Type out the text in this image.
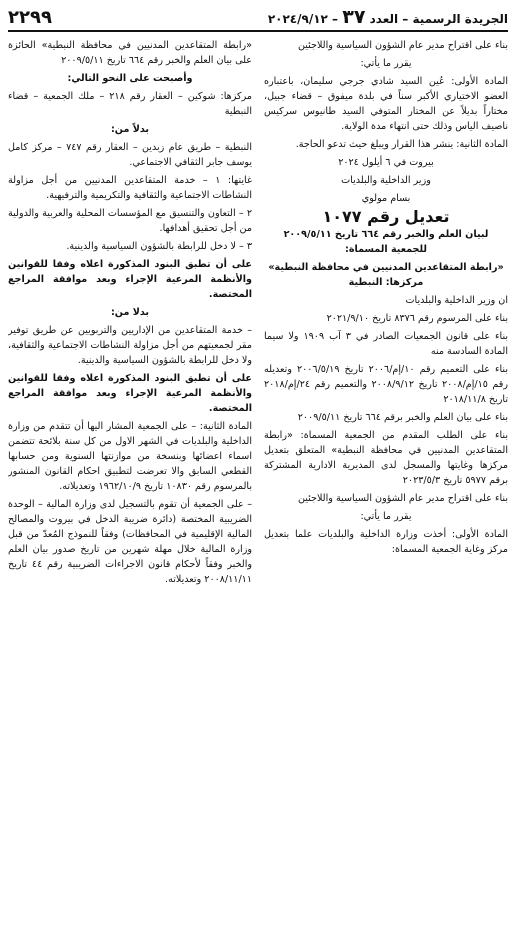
الجريدة الرسمية – العدد ٣٧ – ٢٠٢٤/٩/١٢
٢٢٩٩

بناء على اقتراح مدير عام الشؤون السياسية واللاجئين

يقرر ما يأتي:

المادة الأولى: عُين السيد شادي جرجي سليمان، باعتباره العضو الاختياري الأكبر سناً في بلدة ميفوق – قضاء جبيل، مختاراً بديلاً عن المختار المتوفي السيد طانيوس سركيس ناصيف الياس وذلك حتى انتهاء مدة الولاية.

المادة الثانية: ينشر هذا القرار ويبلغ حيث تدعو الحاجة.

بيروت في ٦ أيلول ٢٠٢٤

وزير الداخلية والبلديات

بسام مولوي

تعديل رقم ١٠٧٧

لبيان العلم والخبر رقم ٦٦٤ تاريخ ٢٠٠٩/٥/١١ للجمعية المسماة:

«رابطة المتقاعدين المدنيين في محافظة النبطية» مركزها: النبطية

ان وزير الداخلية والبلديات

بناء على المرسوم رقم ٨٣٧٦ تاريخ ٢٠٢١/٩/١٠

بناء على قانون الجمعيات الصادر في ٣ آب ١٩٠٩ ولا سيما المادة السادسة منه

بناء على التعميم رقم ١٠/إم/٢٠٠٦ تاريخ ٢٠٠٦/٥/١٩ وتعديله رقم ١٥/إم/٢٠٠٨ تاريخ ٢٠٠٨/٩/١٢ والتعميم رقم ٢٤/إم/٢٠١٨ تاريخ ٢٠١٨/١١/٨

بناء على بيان العلم والخبر برقم ٦٦٤ تاريخ ٢٠٠٩/٥/١١

بناء على الطلب المقدم من الجمعية المسماة: «رابطة المتقاعدين المدنيين في محافظة النبطية» المتعلق بتعديل مركزها وغايتها والمسجل لدى المديرية الادارية المشتركة برقم ٥٩٧٧ تاريخ ٢٠٢٣/٥/٣

بناء على اقتراح مدير عام الشؤون السياسية واللاجئين

يقرر ما يأتي:

المادة الأولى: أخذت وزارة الداخلية والبلديات علما بتعديل مركز وغاية الجمعية المسماة:

«رابطة المتقاعدين المدنيين في محافظة النبطية» الحائزة على بيان العلم والخبر رقم ٦٦٤ تاريخ ٢٠٠٩/٥/١١

وأصبحت على النحو التالي:

مركزها: شوكين – العقار رقم ٢١٨ – ملك الجمعية – قضاء النبطية

بدلاً من:

النبطية – طريق عام زبدين – العقار رقم ٧٤٧ – مركز كامل يوسف جابر الثقافي الاجتماعي.

غايتها: ١ – خدمة المتقاعدين المدنيين من أجل مزاولة النشاطات الاجتماعية والثقافية والتكريمية والترفيهية.

٢ – التعاون والتنسيق مع المؤسسات المحلية والعربية والدولية من أجل تحقيق أهدافها.

٣ – لا دخل للرابطة بالشؤون السياسية والدينية.

على أن تطبق البنود المذكورة اعلاه وفقا للقوانين والأنظمة المرعية الإجراء وبعد موافقة المراجع المختصة.

بدلا من:

– خدمة المتقاعدين من الإداريين والتربويين عن طريق توفير مقر لجمعيتهم من أجل مزاولة النشاطات الاجتماعية والثقافية، ولا دخل للرابطة بالشؤون السياسية والدينية.

على أن تطبق البنود المذكورة اعلاه وفقا للقوانين والأنظمة المرعية الإجراء وبعد موافقة المراجع المختصة.

المادة الثانية: – على الجمعية المشار اليها أن تتقدم من وزارة الداخلية والبلديات في الشهر الاول من كل سنة بلائحة تتضمن اسماء اعضائها وبنسخة من موازنتها السنوية ومن حسابها القطعي السابق والا تعرضت لتطبيق احكام القانون المنشور بالمرسوم رقم ١٠٨٣٠ تاريخ ١٩٦٢/١٠/٩ وتعديلاته.

– على الجمعية أن تقوم بالتسجيل لدى وزارة المالية – الوحدة الضريبية المختصة (دائرة ضريبة الدخل في بيروت والمصالح المالية الإقليمية في المحافظات) وفقاً للنموذج المُعدّ من قبل وزارة المالية خلال مهلة شهرين من تاريخ صدور بيان العلم والخبر وفقاً لأحكام قانون الاجراءات الضريبية رقم ٤٤ تاريخ ٢٠٠٨/١١/١١ وتعديلاته.
